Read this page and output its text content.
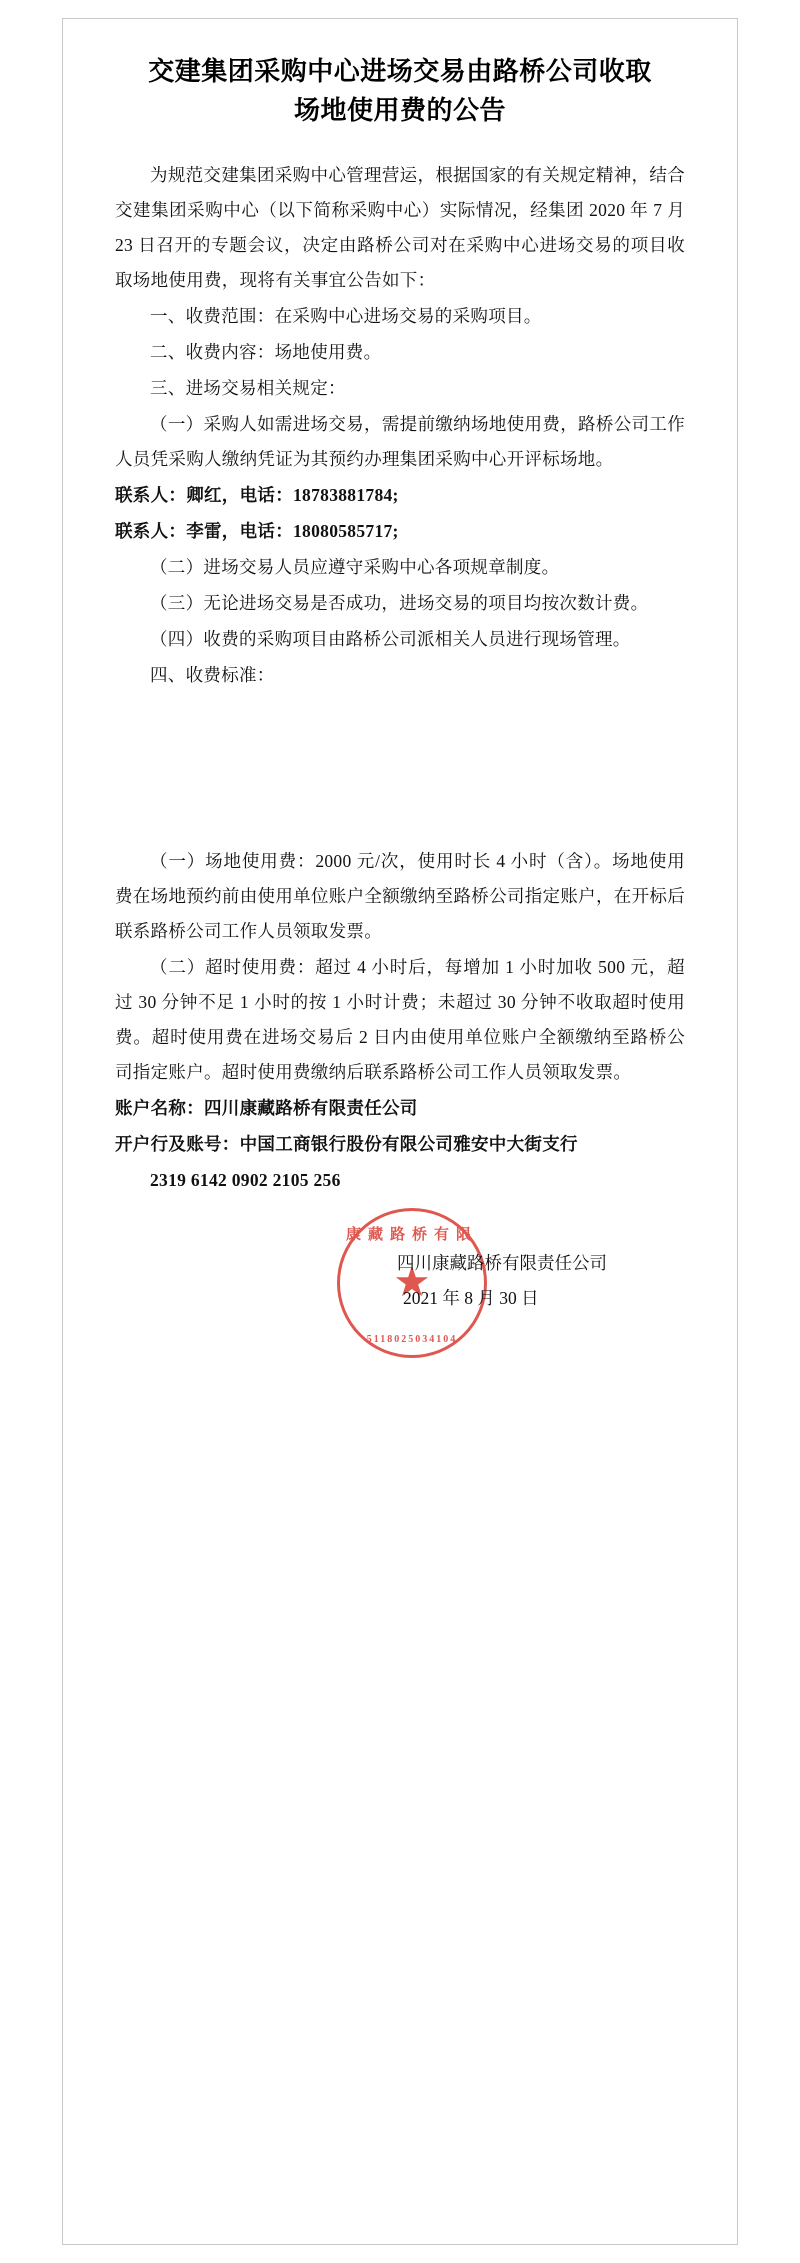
交建集团采购中心进场交易由路桥公司收取
场地使用费的公告

为规范交建集团采购中心管理营运，根据国家的有关规定精神，结合交建集团采购中心（以下简称采购中心）实际情况，经集团 2020 年 7 月 23 日召开的专题会议，决定由路桥公司对在采购中心进场交易的项目收取场地使用费，现将有关事宜公告如下：

一、收费范围：在采购中心进场交易的采购项目。

二、收费内容：场地使用费。

三、进场交易相关规定：

（一）采购人如需进场交易，需提前缴纳场地使用费，路桥公司工作人员凭采购人缴纳凭证为其预约办理集团采购中心开评标场地。

联系人：卿红，电话：18783881784;

联系人：李雷，电话：18080585717;

（二）进场交易人员应遵守采购中心各项规章制度。

（三）无论进场交易是否成功，进场交易的项目均按次数计费。

（四）收费的采购项目由路桥公司派相关人员进行现场管理。

四、收费标准：

（一）场地使用费：2000 元/次，使用时长 4 小时（含）。场地使用费在场地预约前由使用单位账户全额缴纳至路桥公司指定账户，在开标后联系路桥公司工作人员领取发票。

（二）超时使用费：超过 4 小时后，每增加 1 小时加收 500 元，超过 30 分钟不足 1 小时的按 1 小时计费；未超过 30 分钟不收取超时使用费。超时使用费在进场交易后 2 日内由使用单位账户全额缴纳至路桥公司指定账户。超时使用费缴纳后联系路桥公司工作人员领取发票。

账户名称：四川康藏路桥有限责任公司

开户行及账号：中国工商银行股份有限公司雅安中大街支行

2319 6142 0902 2105 256

康藏路桥有限
★
5118025034104
四川康藏路桥有限责任公司
2021 年 8 月 30 日
